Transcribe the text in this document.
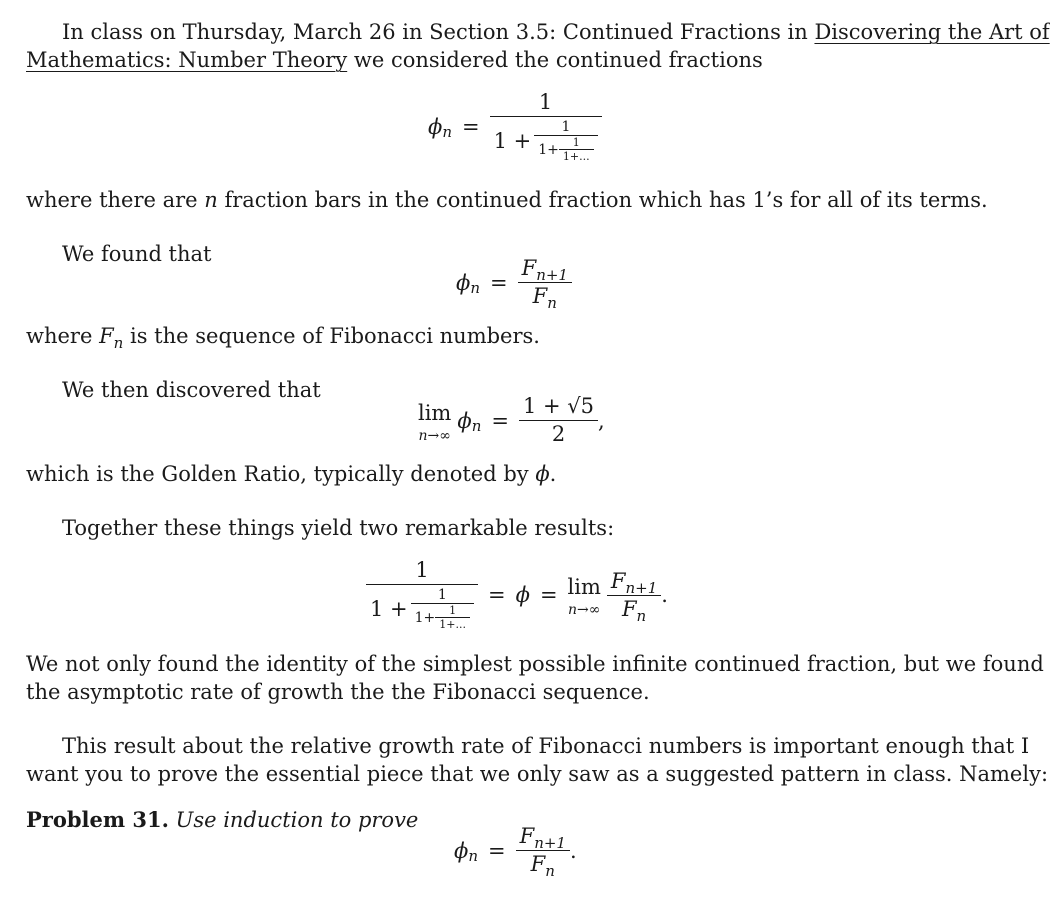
In class on Thursday, March 26 in Section 3.5: Continued Fractions in Discovering the Art of
Mathematics: Number Theory we considered the continued fractions
ϕ n =
1
$1 + \frac{1}{1+ \frac{1}{1+...}}$
where there are n fraction bars in the continued fraction which has 1’s for all of its terms.
We found that
ϕ $n = \frac{F_{n+1}}{F_n}$
where $F_n$ is the sequence of Fibonacci numbers.
We then discovered that
lim
n→∞
ϕ $n = \frac{1 + √5}{2}$ ,
which is the Golden Ratio, typically denoted by ϕ.
Together these things yield two remarkable results:
1
$1 + \frac{1}{1+ \frac{1}{1+...}} = \phi = \lim$
$n\to\infty \frac{F_{n+1}}{F_n}$ .
We not only found the identity of the simplest possible infinite continued fraction, but we found
the asymptotic rate of growth the the Fibonacci sequence.
This result about the relative growth rate of Fibonacci numbers is important enough that I
want you to prove the essential piece that we only saw as a suggested pattern in class. Namely:
Problem 31. Use induction to prove
ϕ $n = \frac{F_{n+1}}{F_n}$ .
